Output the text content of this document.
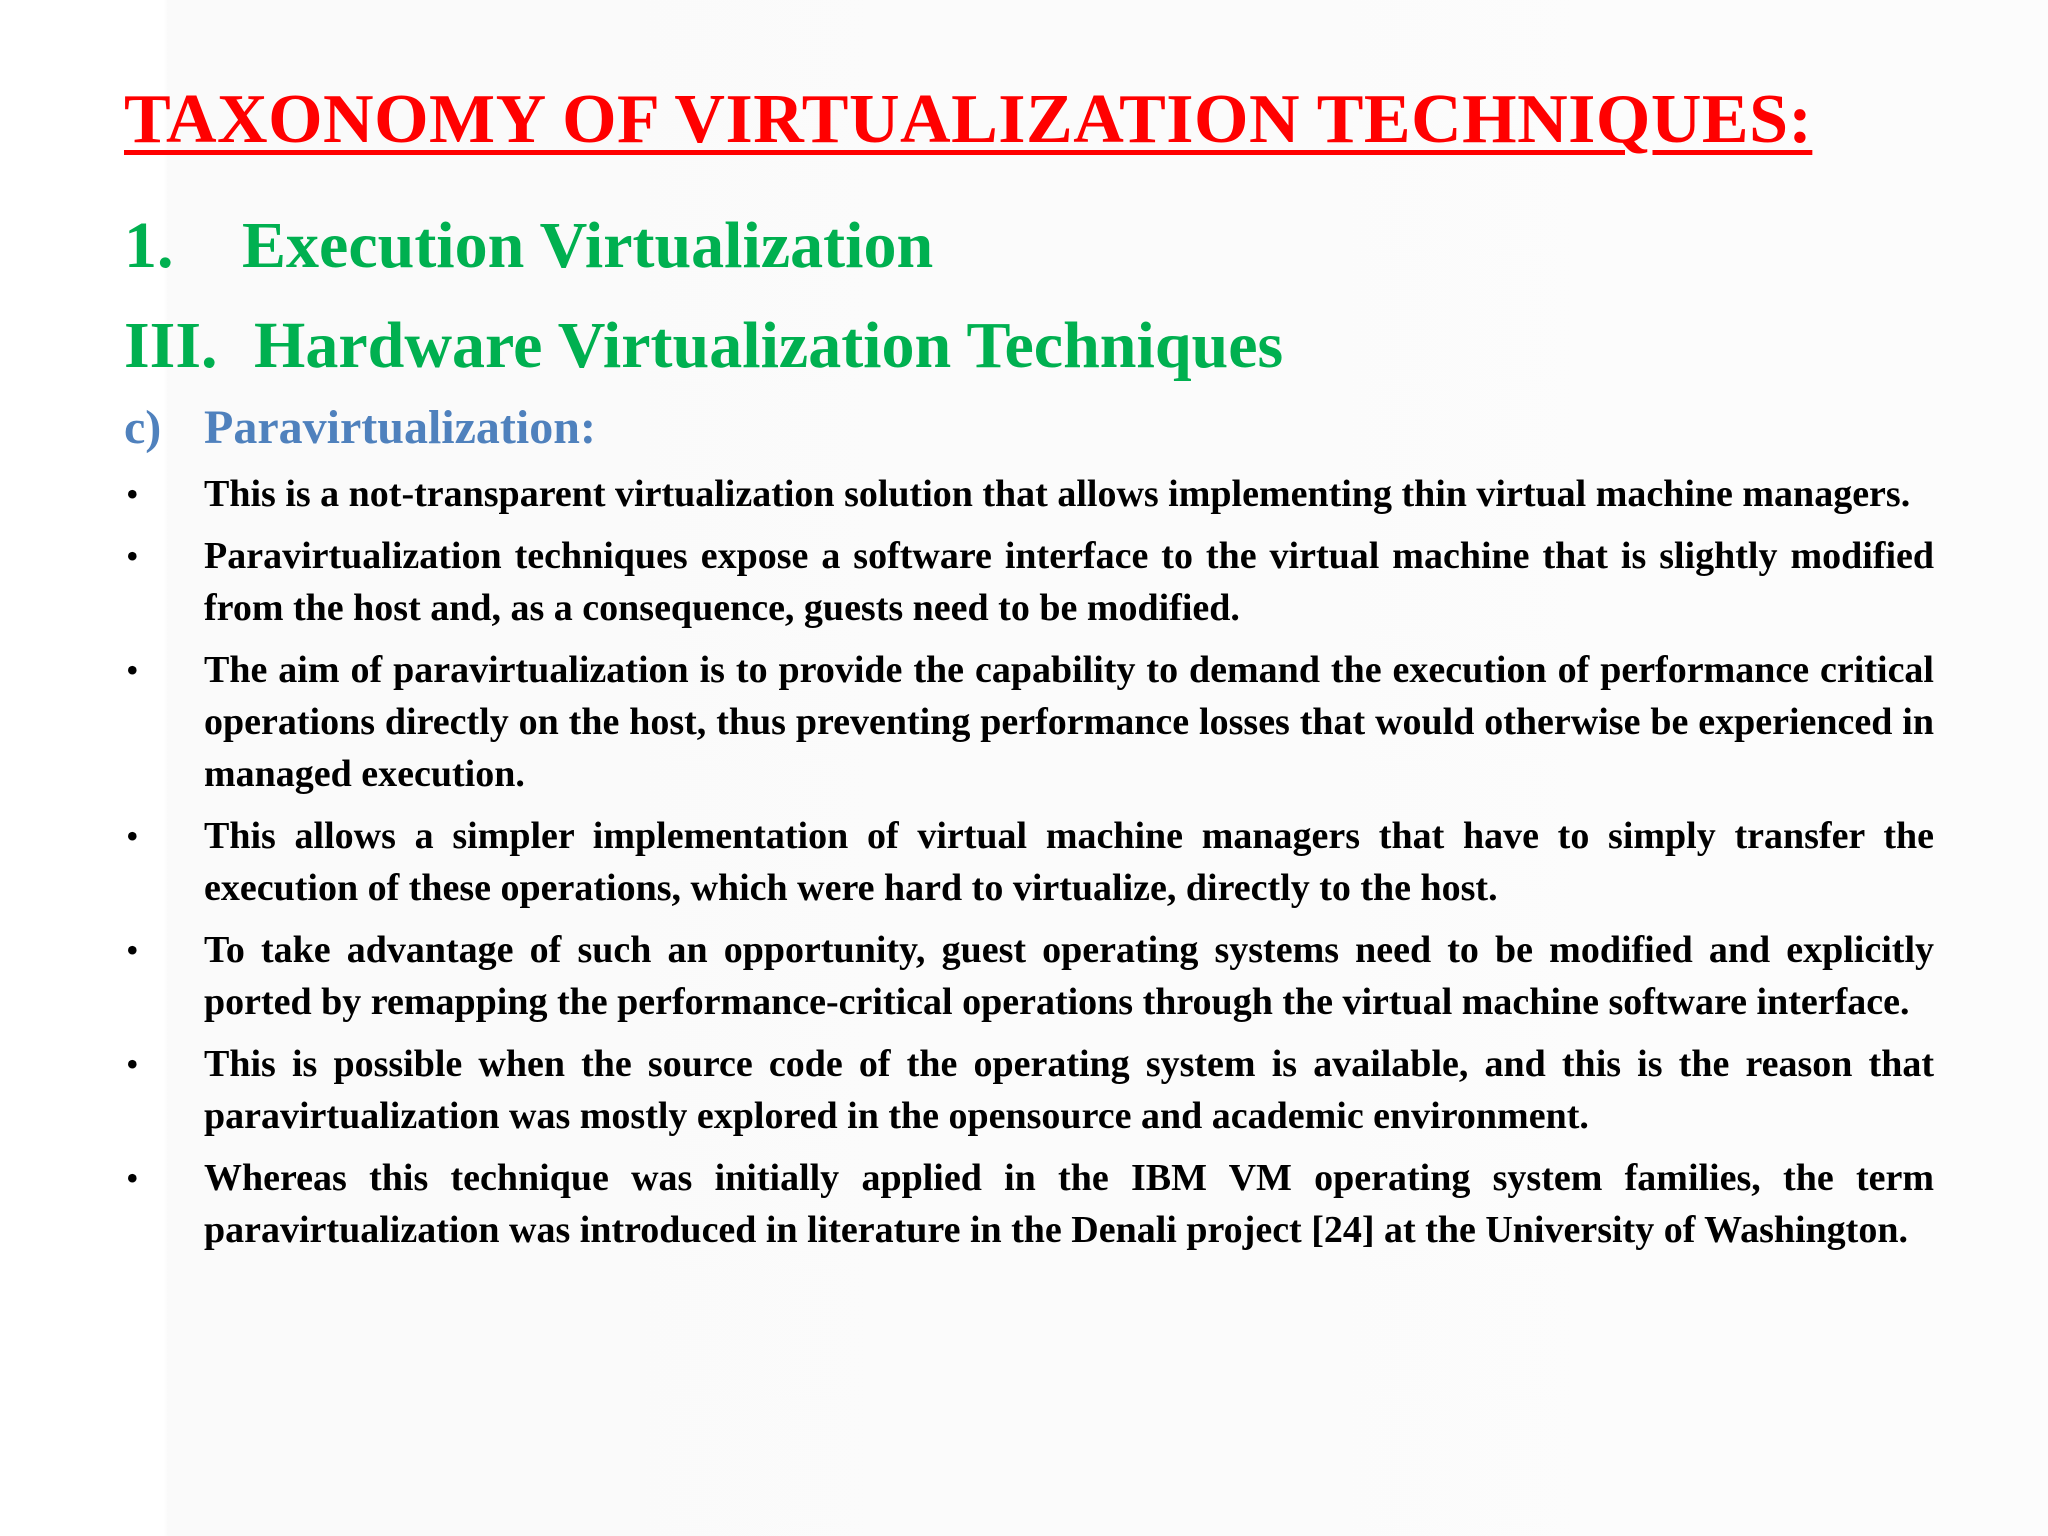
TAXONOMY OF VIRTUALIZATION TECHNIQUES:
1. Execution Virtualization
III. Hardware Virtualization Techniques
c) Paravirtualization:
•	This is a not-transparent virtualization solution that allows implementing thin virtual machine managers.
•	Paravirtualization techniques expose a software interface to the virtual machine that is slightly modified from the host and, as a consequence, guests need to be modified.
•	The aim of paravirtualization is to provide the capability to demand the execution of performance critical operations directly on the host, thus preventing performance losses that would otherwise be experienced in managed execution.
•	This allows a simpler implementation of virtual machine managers that have to simply transfer the execution of these operations, which were hard to virtualize, directly to the host.
•	To take advantage of such an opportunity, guest operating systems need to be modified and explicitly ported by remapping the performance-critical operations through the virtual machine software interface.
•	This is possible when the source code of the operating system is available, and this is the reason that paravirtualization was mostly explored in the opensource and academic environment.
•	Whereas this technique was initially applied in the IBM VM operating system families, the term paravirtualization was introduced in literature in the Denali project [24] at the University of Washington.
